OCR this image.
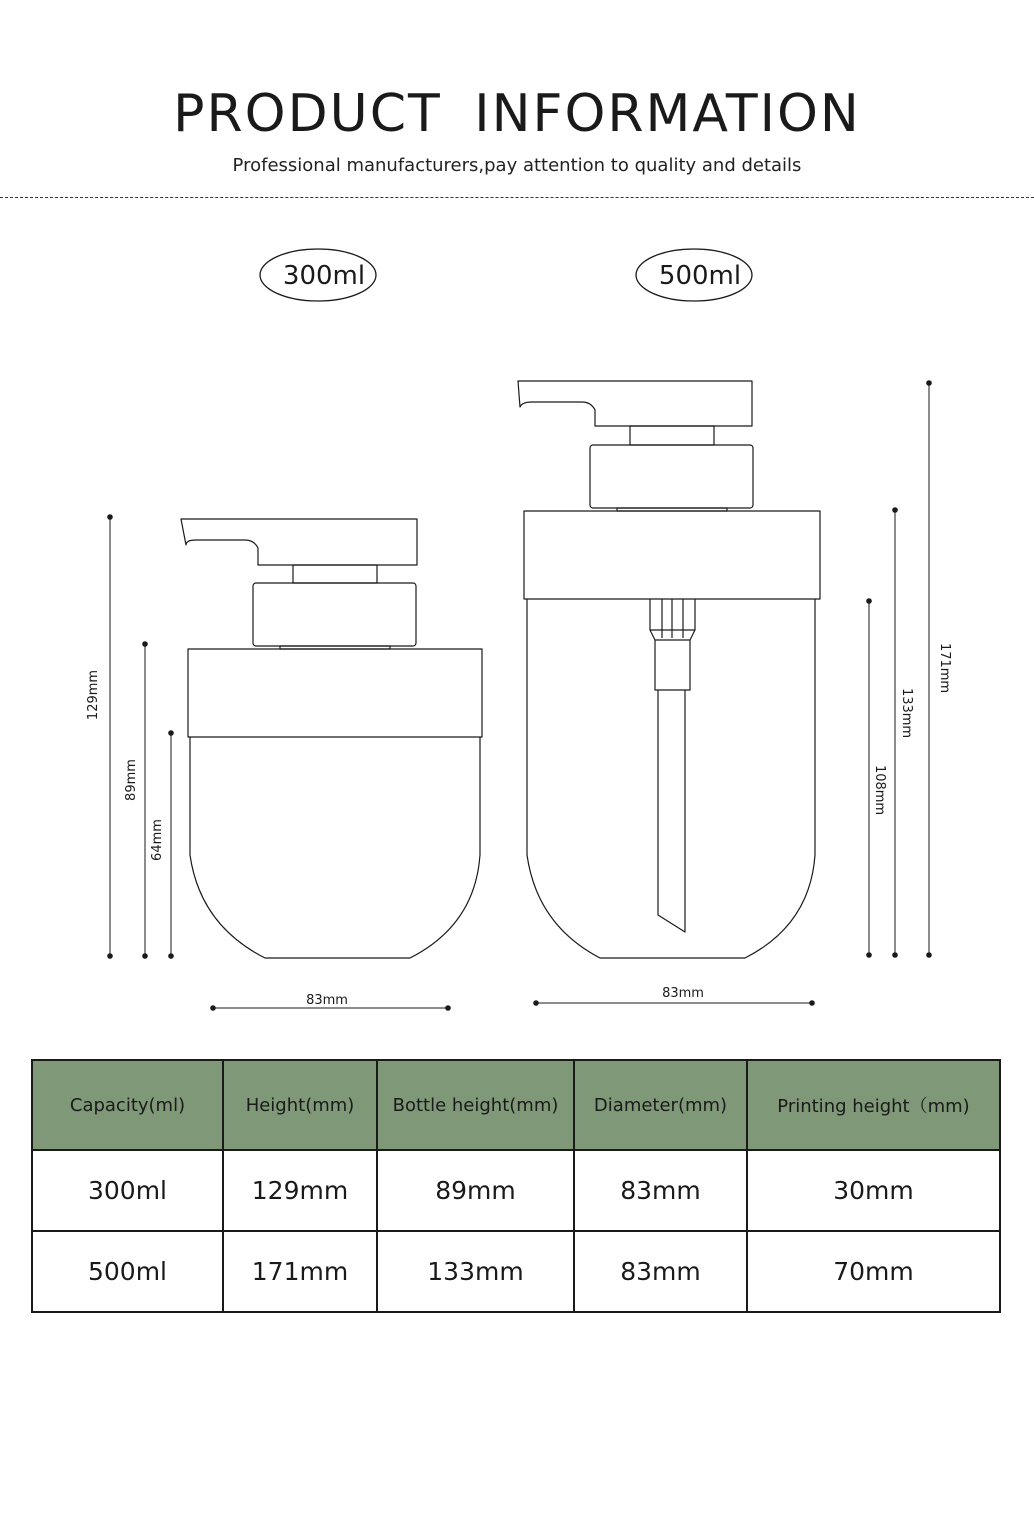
PRODUCT INFORMATION
Professional manufacturers,pay attention to quality and details
300ml	500ml
129mm
89mm
64mm
83mm
171mm
133mm
108mm
83mm
Capacity(ml)	Height(mm)	Bottle height(mm)	Diameter(mm)	Printing height（mm)
300ml	129mm	89mm	83mm	30mm
500ml	171mm	133mm	83mm	70mm
